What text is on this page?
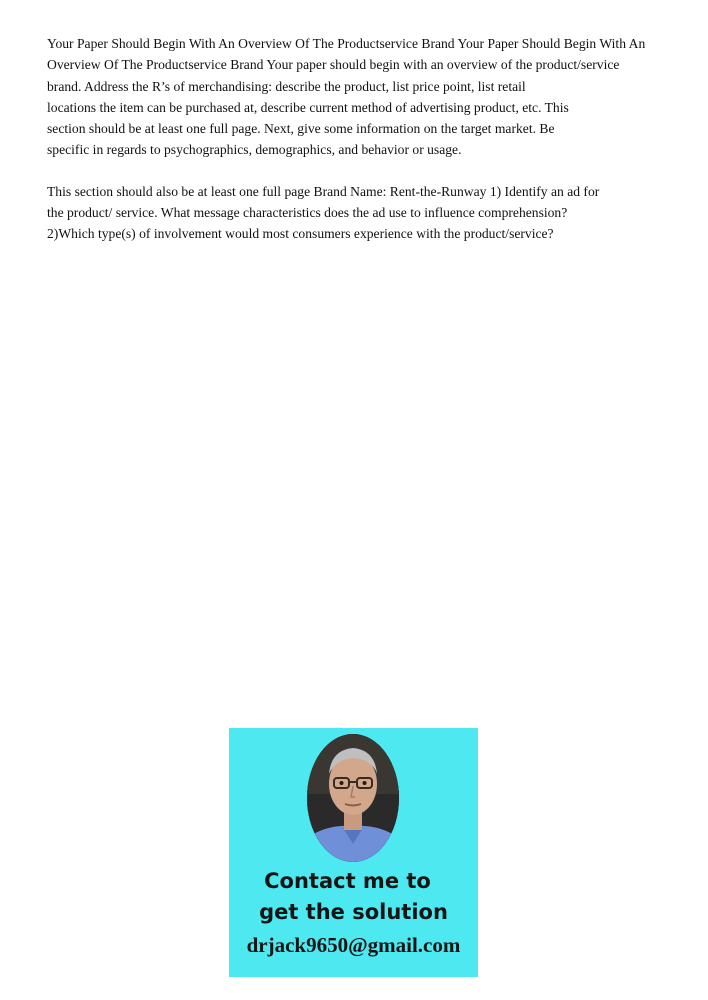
Your Paper Should Begin With An Overview Of The Productservice Brand Your Paper Should Begin With An
Overview Of The Productservice Brand Your paper should begin with an overview of the product/service
brand. Address the R’s of merchandising: describe the product, list price point, list retail
locations the item can be purchased at, describe current method of advertising product, etc. This
section should be at least one full page. Next, give some information on the target market. Be
specific in regards to psychographics, demographics, and behavior or usage.
This section should also be at least one full page Brand Name: Rent-the-Runway 1) Identify an ad for
the product/ service. What message characteristics does the ad use to influence comprehension?
2)Which type(s) of involvement would most consumers experience with the product/service?
Contact me to
get the solution
drjack9650@gmail.com
